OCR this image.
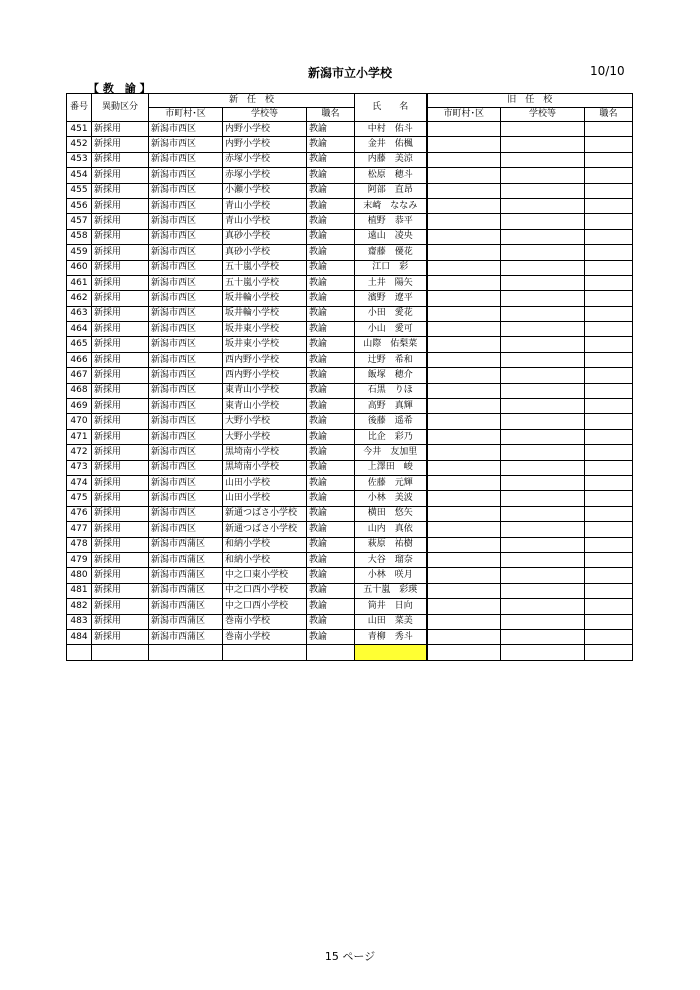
新潟市立小学校	10/10
【 教　諭 】
番号	異動区分	新　任　校			氏　　名	旧　任　校		
		市町村･区	学校等	職名		市町村･区	学校等	職名
451	新採用	新潟市西区	内野小学校	教諭	中村　佑斗			
452	新採用	新潟市西区	内野小学校	教諭	金井　佑楓			
453	新採用	新潟市西区	赤塚小学校	教諭	内藤　美涼			
454	新採用	新潟市西区	赤塚小学校	教諭	松原　穂斗			
455	新採用	新潟市西区	小瀬小学校	教諭	阿部　直昂			
456	新採用	新潟市西区	青山小学校	教諭	末崎　ななみ			
457	新採用	新潟市西区	青山小学校	教諭	植野　恭平			
458	新採用	新潟市西区	真砂小学校	教諭	遠山　凌央			
459	新採用	新潟市西区	真砂小学校	教諭	齋藤　優花			
460	新採用	新潟市西区	五十嵐小学校	教諭	江口　彩			
461	新採用	新潟市西区	五十嵐小学校	教諭	土井　陽矢			
462	新採用	新潟市西区	坂井輪小学校	教諭	濱野　遼平			
463	新採用	新潟市西区	坂井輪小学校	教諭	小田　愛花			
464	新採用	新潟市西区	坂井東小学校	教諭	小山　愛可			
465	新採用	新潟市西区	坂井東小学校	教諭	山際　佑梨菜			
466	新採用	新潟市西区	西内野小学校	教諭	辻野　希和			
467	新採用	新潟市西区	西内野小学校	教諭	飯塚　穂介			
468	新採用	新潟市西区	東青山小学校	教諭	石黒　りほ			
469	新採用	新潟市西区	東青山小学校	教諭	高野　真輝			
470	新採用	新潟市西区	大野小学校	教諭	後藤　遥希			
471	新採用	新潟市西区	大野小学校	教諭	比企　彩乃			
472	新採用	新潟市西区	黒埼南小学校	教諭	今井　友加里			
473	新採用	新潟市西区	黒埼南小学校	教諭	上澤田　峻			
474	新採用	新潟市西区	山田小学校	教諭	佐藤　元輝			
475	新採用	新潟市西区	山田小学校	教諭	小林　美波			
476	新採用	新潟市西区	新通つばさ小学校	教諭	横田　悠矢			
477	新採用	新潟市西区	新通つばさ小学校	教諭	山内　真依			
478	新採用	新潟市西蒲区	和納小学校	教諭	萩原　祐樹			
479	新採用	新潟市西蒲区	和納小学校	教諭	大谷　瑠奈			
480	新採用	新潟市西蒲区	中之口東小学校	教諭	小林　咲月			
481	新採用	新潟市西蒲区	中之口西小学校	教諭	五十嵐　彩瑛			
482	新採用	新潟市西蒲区	中之口西小学校	教諭	筒井　日向			
483	新採用	新潟市西蒲区	巻南小学校	教諭	山田　菜美			
484	新採用	新潟市西蒲区	巻南小学校	教諭	青柳　秀斗			

15 ページ
